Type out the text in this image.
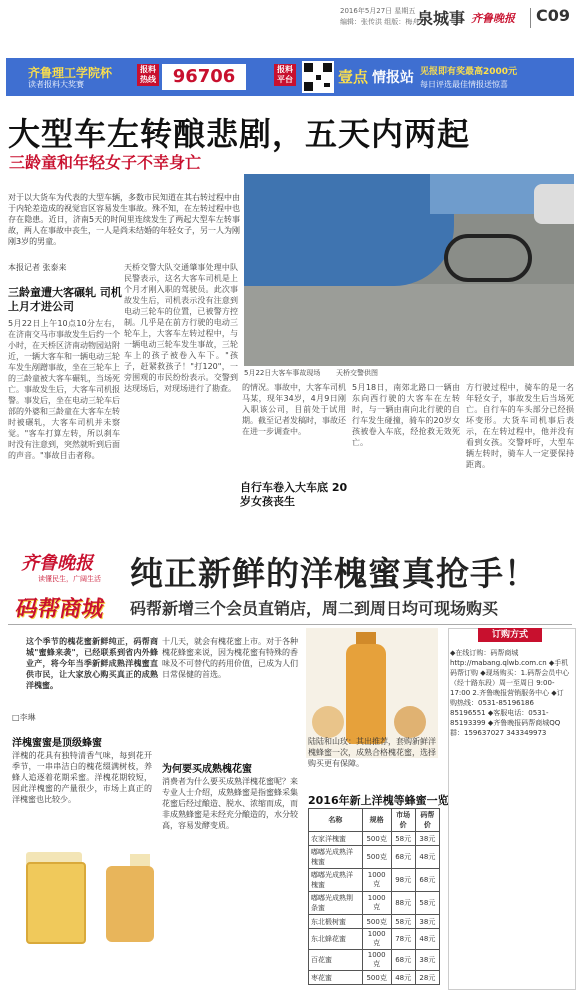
2016年5月27日 星期五
编辑：张传洪 组版：梅舟
泉城事 齐鲁晚报 C09
齐鲁理工学院杯
读者报料大奖赛
报料热线 96706	报料平台	壹点 情报站 见报即有奖最高2000元
每日评选最佳情报送惊喜
大型车左转酿悲剧，五天内两起
三龄童和年轻女子不幸身亡
对于以大货车为代表的大型车辆，多数市民知道在其右转过程中由于内轮差造成的视觉盲区容易发生事故。殊不知，在左转过程中也存在隐患。近日，济南5天的时间里连续发生了两起大型车左转事故，两人在事故中丧生，一人是尚未结婚的年轻女子，另一人为刚刚3岁的男童。
本报记者 张泰来
三龄童遭大客碾轧 司机上月才进公司
5月22日上午10点10分左右，在济南交马市事故发生后约一个小时，在天桥区济南动物园站附近，一辆大客车和一辆电动三轮车发生剐蹭事故，坐在三轮车上的三龄童被大客车碾轧，当场死亡。事故发生后，大客车司机报警。事发后，坐在电动三轮车后部的外婆和三龄童在大客车左转时被碾轧，大客车司机并未察觉。"客车打算左转，所以刹车时没有注意到，突然就听到后面的声音。"事故目击者称。
天桥交警大队交通肇事处理中队民警表示，这名大客车司机是上个月才刚入职的驾驶员。此次事故发生后，司机表示没有注意到电动三轮车的位置，已被警方控制。几乎是在前方行驶的电动三轮车上，大客车左转过程中，与一辆电动三轮车发生事故，三轮车上的孩子被卷入车下。"孩子，赶紧救孩子！"打120"，一旁围观的市民纷纷表示。交警到达现场后，对现场进行了勘查。
5月22日大客车事故现场 天桥交警供图
的情况。事故中，大客车司机马某，现年34岁，4月9日刚入职该公司，目前处于试用期。截至记者发稿时，事故还在进一步调查中。
自行车卷入大车底 20岁女孩丧生
5月18日，南郊北路口一辆由东向西行驶的大客车在左转时，与一辆由南向北行驶的自行车发生碰撞，骑车的20岁女孩被卷入车底，经抢救无效死亡。
方行驶过程中，骑车的是一名年轻女子，事故发生后当场死亡。自行车的车头部分已经损坏变形。大货车司机事后表示，在左转过程中，他并没有看到女孩。交警呼吁，大型车辆左转时，骑车人一定要保持距离。
齐鲁晚报
读懂民生，广阔生活
码帮商城
纯正新鲜的洋槐蜜真抢手！
码帮新增三个会员直销店，周二到周日均可现场购买
这个季节的槐花蜜新鲜纯正，码帮商城"蜜蜂来袭"，已经联系到省内外蜂业产，将今年当季新鲜成熟洋槐蜜直供市民，让大家放心购买真正的成熟洋槐蜜。
□李琳
洋槐蜜蜜是顶级蜂蜜
洋槐的花具有独特清香气味，每到花开季节，一串串洁白的槐花缀满树枝，养蜂人追逐着花期采蜜。洋槐花期较短，因此洋槐蜜的产量很少，市场上真正的洋槐蜜也比较少。
十几天，就会有槐花蜜上市。对于各种槐花蜂蜜来说，因为槐花蜜有特殊的香味及不可替代的药用价值，已成为人们日常保健的首选。
为何要买成熟槐花蜜
消费者为什么要买成熟洋槐花蜜呢？来专业人士介绍，成熟蜂蜜是指蜜蜂采集花蜜后经过酿造、脱水、浓缩而成，而非成熟蜂蜜是未经充分酿造的，水分较高，容易发酵变质。
陆陆和山玫：其出推荐，套购新鲜洋槐蜂蜜一次，成熟合格槐花蜜，选择购买更有保障。
2016年新上洋槐等蜂蜜一览
名称	规格	市场价	码帮价
农家洋槐蜜	500克	58元	38元
嘟嘟光成熟洋槐蜜	500克	68元	48元
嘟嘟光成熟洋槐蜜	1000克	98元	68元
嘟嘟光成熟荆条蜜	1000克	88元	58元
东北椴树蜜	500克	58元	38元
东北蜂花蜜	1000克	78元	48元
百花蜜	1000克	68元	38元
枣花蜜	500克	48元	28元
订购方式
◆在线订购：码帮商城 http://mabang.qlwb.com.cn ◆手机码帮订购 ◆现场购买：1.码帮会员中心（经十路东段）周一至周日 9:00-17:00 2.齐鲁晚报营销服务中心 ◆订购热线：0531-85196186 85196551 ◆客服电话：0531-85193399 ◆齐鲁晚报码帮商城QQ群：159637027 343349973
